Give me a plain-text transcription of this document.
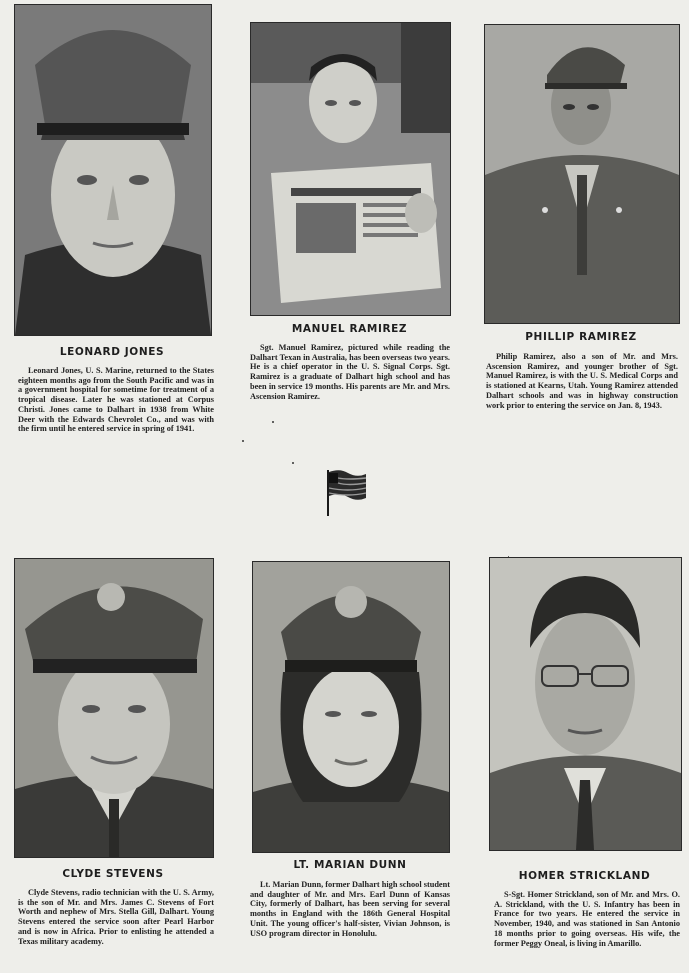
LEONARD JONES

Leonard Jones, U. S. Marine, returned to the States eighteen months ago from the South Pacific and was in a government hospital for sometime for treatment of a tropical disease. Later he was stationed at Corpus Christi. Jones came to Dalhart in 1938 from White Deer with the Edwards Chevrolet Co., and was with the firm until he entered service in spring of 1941.

MANUEL RAMIREZ

Sgt. Manuel Ramirez, pictured while reading the Dalhart Texan in Australia, has been overseas two years. He is a chief operator in the U. S. Signal Corps. Sgt. Ramirez is a graduate of Dalhart high school and has been in service 19 months. His parents are Mr. and Mrs. Ascension Ramirez.

PHILLIP RAMIREZ

Philip Ramirez, also a son of Mr. and Mrs. Ascension Ramirez, and younger brother of Sgt. Manuel Ramirez, is with the U. S. Medical Corps and is stationed at Kearns, Utah. Young Ramirez attended Dalhart schools and was in highway construction work prior to entering the service on Jan. 8, 1943.

CLYDE STEVENS

Clyde Stevens, radio technician with the U. S. Army, is the son of Mr. and Mrs. James C. Stevens of Fort Worth and nephew of Mrs. Stella Gill, Dalhart. Young Stevens entered the service soon after Pearl Harbor and is now in Africa. Prior to enlisting he attended a Texas military academy.

LT. MARIAN DUNN

Lt. Marian Dunn, former Dalhart high school student and daughter of Mr. and Mrs. Earl Dunn of Kansas City, formerly of Dalhart, has been serving for several months in England with the 186th General Hospital Unit. The young officer's half-sister, Vivian Johnson, is USO program director in Honolulu.

HOMER STRICKLAND

S-Sgt. Homer Strickland, son of Mr. and Mrs. O. A. Strickland, with the U. S. Infantry has been in France for two years. He entered the service in November, 1940, and was stationed in San Antonio 18 months prior to going overseas. His wife, the former Peggy Oneal, is living in Amarillo.
